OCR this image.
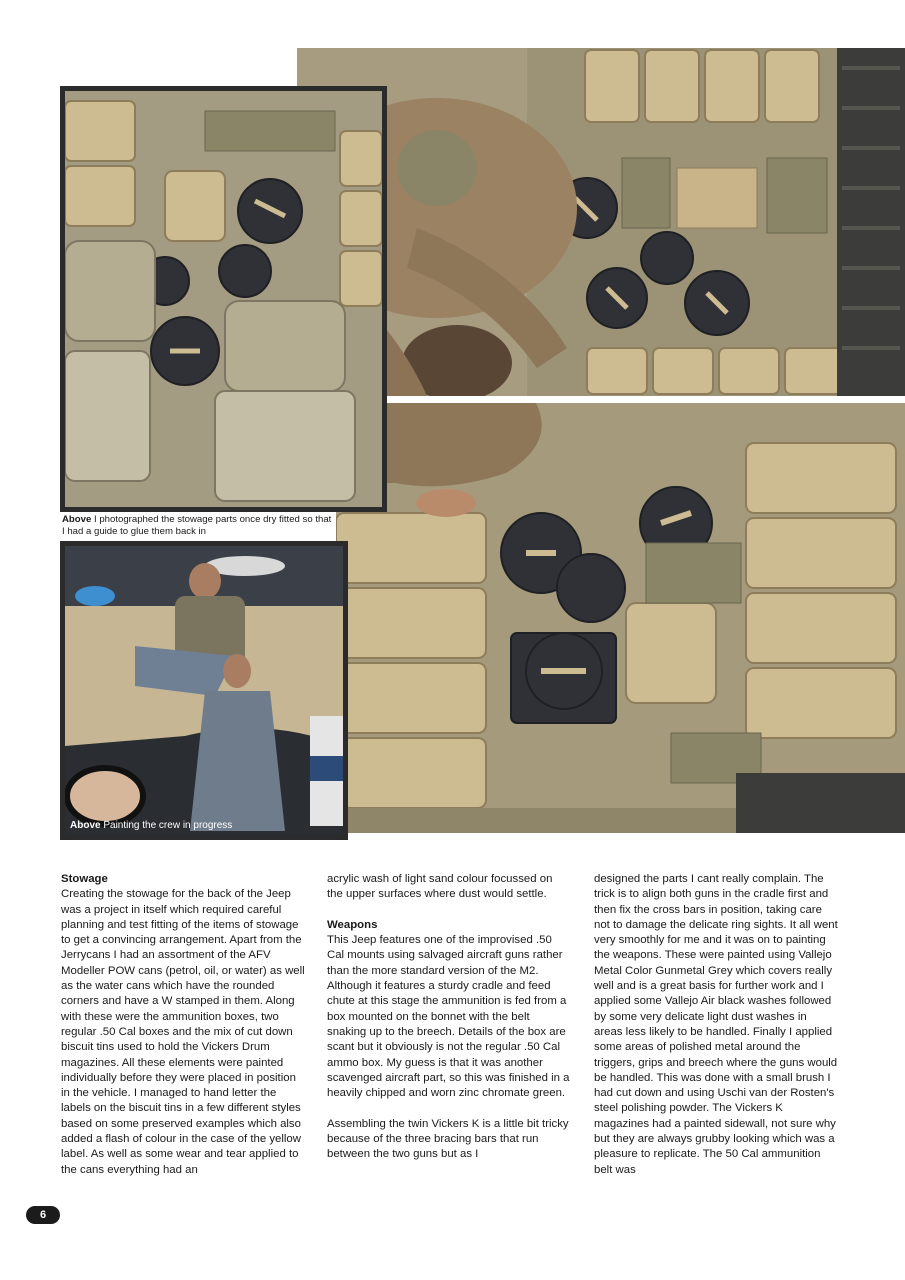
Above I photographed the stowage parts once dry fitted so that I had a guide to glue them back in
Above Painting the crew in progress
Stowage

Creating the stowage for the back of the Jeep was a project in itself which required careful planning and test fitting of the items of stowage to get a convincing arrangement. Apart from the Jerrycans I had an assortment of the AFV Modeller POW cans (petrol, oil, or water) as well as the water cans which have the rounded corners and have a W stamped in them. Along with these were the ammunition boxes, two regular .50 Cal boxes and the mix of cut down biscuit tins used to hold the Vickers Drum magazines. All these elements were painted individually before they were placed in position in the vehicle. I managed to hand letter the labels on the biscuit tins in a few different styles based on some preserved examples which also added a flash of colour in the case of the yellow label. As well as some wear and tear applied to the cans everything had an

acrylic wash of light sand colour focussed on the upper surfaces where dust would settle.

Weapons

This Jeep features one of the improvised .50 Cal mounts using salvaged aircraft guns rather than the more standard version of the M2. Although it features a sturdy cradle and feed chute at this stage the ammunition is fed from a box mounted on the bonnet with the belt snaking up to the breech. Details of the box are scant but it obviously is not the regular .50 Cal ammo box. My guess is that it was another scavenged aircraft part, so this was finished in a heavily chipped and worn zinc chromate green.

Assembling the twin Vickers K is a little bit tricky because of the three bracing bars that run between the two guns but as I

designed the parts I cant really complain. The trick is to align both guns in the cradle first and then fix the cross bars in position, taking care not to damage the delicate ring sights. It all went very smoothly for me and it was on to painting the weapons. These were painted using Vallejo Metal Color Gunmetal Grey which covers really well and is a great basis for further work and I applied some Vallejo Air black washes followed by some very delicate light dust washes in areas less likely to be handled. Finally I applied some areas of polished metal around the triggers, grips and breech where the guns would be handled. This was done with a small brush I had cut down and using Uschi van der Rosten's steel polishing powder. The Vickers K magazines had a painted sidewall, not sure why but they are always grubby looking which was a pleasure to replicate. The 50 Cal ammunition belt was

6
